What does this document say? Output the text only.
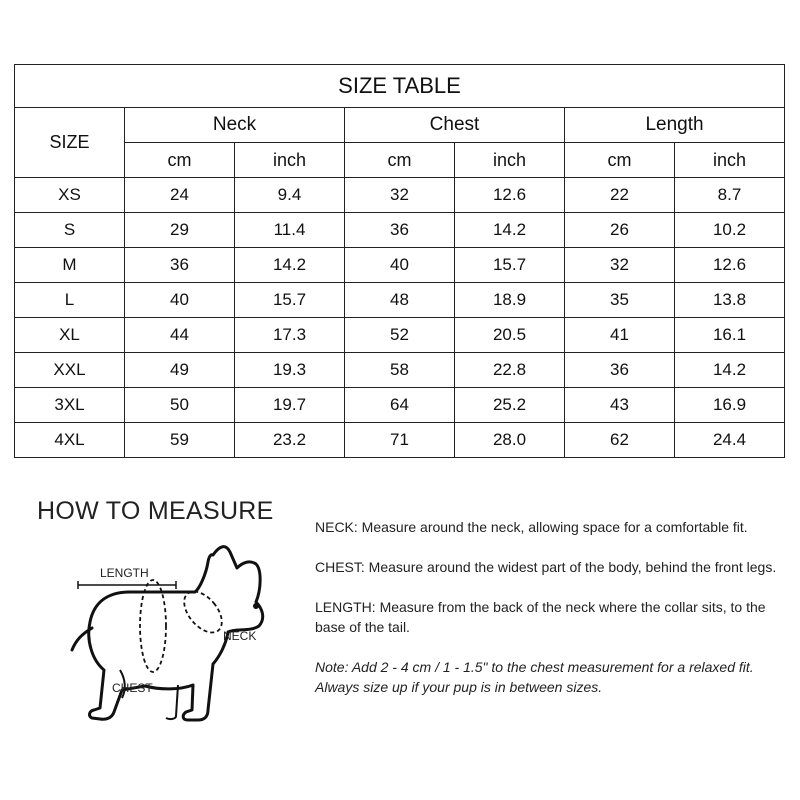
SIZE TABLE						
SIZE	Neck		Chest		Length	
	cm	inch	cm	inch	cm	inch
XS	24	9.4	32	12.6	22	8.7
S	29	11.4	36	14.2	26	10.2
M	36	14.2	40	15.7	32	12.6
L	40	15.7	48	18.9	35	13.8
XL	44	17.3	52	20.5	41	16.1
XXL	49	19.3	58	22.8	36	14.2
3XL	50	19.7	64	25.2	43	16.9
4XL	59	23.2	71	28.0	62	24.4
HOW TO MEASURE
LENGTH
NECK
CHEST

NECK: Measure around the neck, allowing space for a comfortable fit.

CHEST: Measure around the widest part of the body, behind the front legs.

LENGTH: Measure from the back of the neck where the collar sits, to the base of the tail.

Note: Add 2 - 4 cm / 1 - 1.5" to the chest measurement for a relaxed fit. Always size up if your pup is in between sizes.
